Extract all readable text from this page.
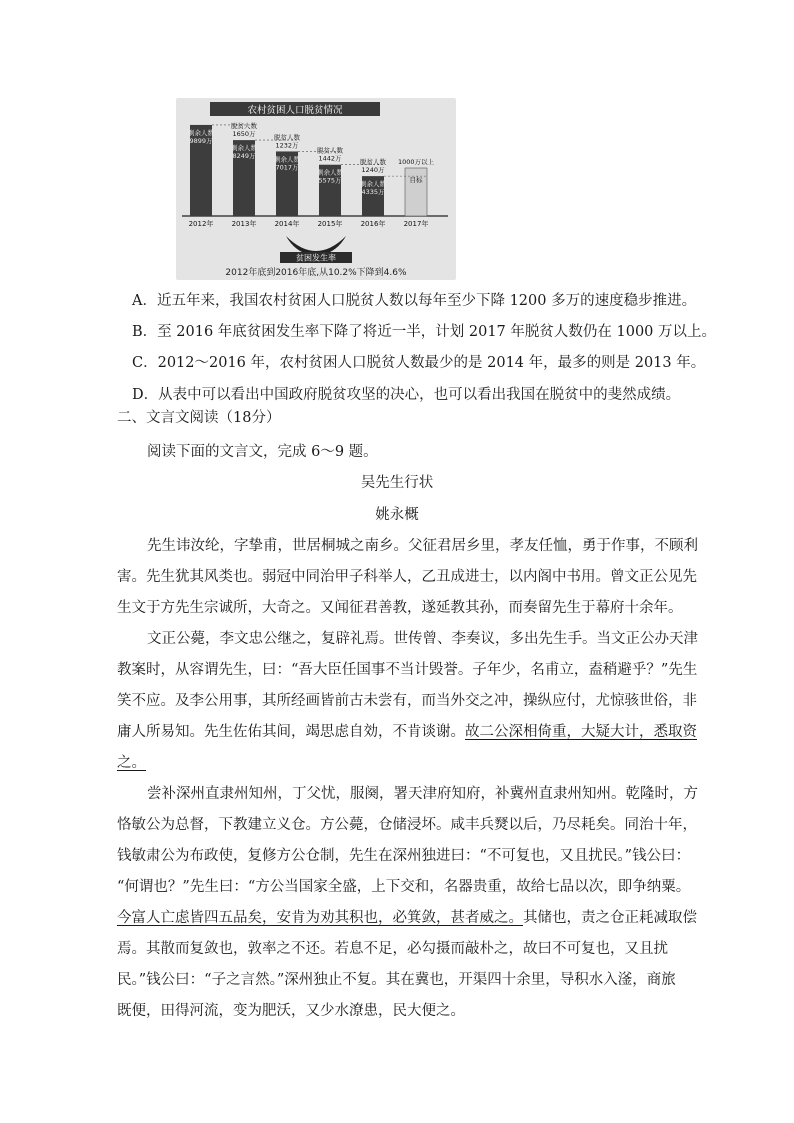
农村贫困人口脱贫情况
剩余人数
9899万
2012年
脱贫人数
1650万
剩余人数
8249万
2013年
脱贫人数
1232万
剩余人数
7017万
2014年
脱贫人数
1442万
剩余人数
5575万
2015年
脱贫人数
1240万
剩余人数
4335万
2016年
1000万以上
目标
2017年
贫困发生率
2012年底到2016年底,从10.2%下降到4.6%
A．近五年来，我国农村贫困人口脱贫人数以每年至少下降 1200 多万的速度稳步推进。
B．至 2016 年底贫困发生率下降了将近一半，计划 2017 年脱贫人数仍在 1000 万以上。
C．2012～2016 年，农村贫困人口脱贫人数最少的是 2014 年，最多的则是 2013 年。
D．从表中可以看出中国政府脱贫攻坚的决心，也可以看出我国在脱贫中的斐然成绩。
二、文言文阅读（18分）
阅读下面的文言文，完成 6～9 题。
吴先生行状
姚永概
先生讳汝纶，字挚甫，世居桐城之南乡。父征君居乡里，孝友任恤，勇于作事，不顾利
害。先生犹其风类也。弱冠中同治甲子科举人，乙丑成进士，以内阁中书用。曾文正公见先
生文于方先生宗诚所，大奇之。又闻征君善教，遂延教其孙，而奏留先生于幕府十余年。
文正公薨，李文忠公继之，复辟礼焉。世传曾、李奏议，多出先生手。当文正公办天津
教案时，从容谓先生，曰：“吾大臣任国事不当计毁誉。子年少，名甫立，盍稍避乎？”先生
笑不应。及李公用事，其所经画皆前古未尝有，而当外交之冲，操纵应付，尤惊骇世俗，非
庸人所易知。先生佐佑其间，竭思虑自効，不肯谈谢。故二公深相倚重，大疑大计，悉取资
之。
尝补深州直隶州知州，丁父忧，服阕，署天津府知府，补冀州直隶州知州。乾隆时，方
恪敏公为总督，下教建立义仓。方公薨，仓储浸坏。咸丰兵燹以后，乃尽耗矣。同治十年，
钱敏肃公为布政使，复修方公仓制，先生在深州独进曰：“不可复也，又且扰民。”钱公曰：
“何谓也？”先生曰：“方公当国家全盛，上下交和，名器贵重，故给七品以次，即争纳粟。
今富人亡虑皆四五品矣，安肯为劝其积也，必箕敛，甚者威之。其储也，责之仓正耗减取偿
焉。其散而复敛也，敦率之不还。若息不足，必勾摄而敲朴之，故曰不可复也，又且扰
民。”钱公曰：“子之言然。”深州独止不复。其在冀也，开渠四十余里，导积水入滏，商旅
既便，田得河流，变为肥沃，又少水潦患，民大便之。
